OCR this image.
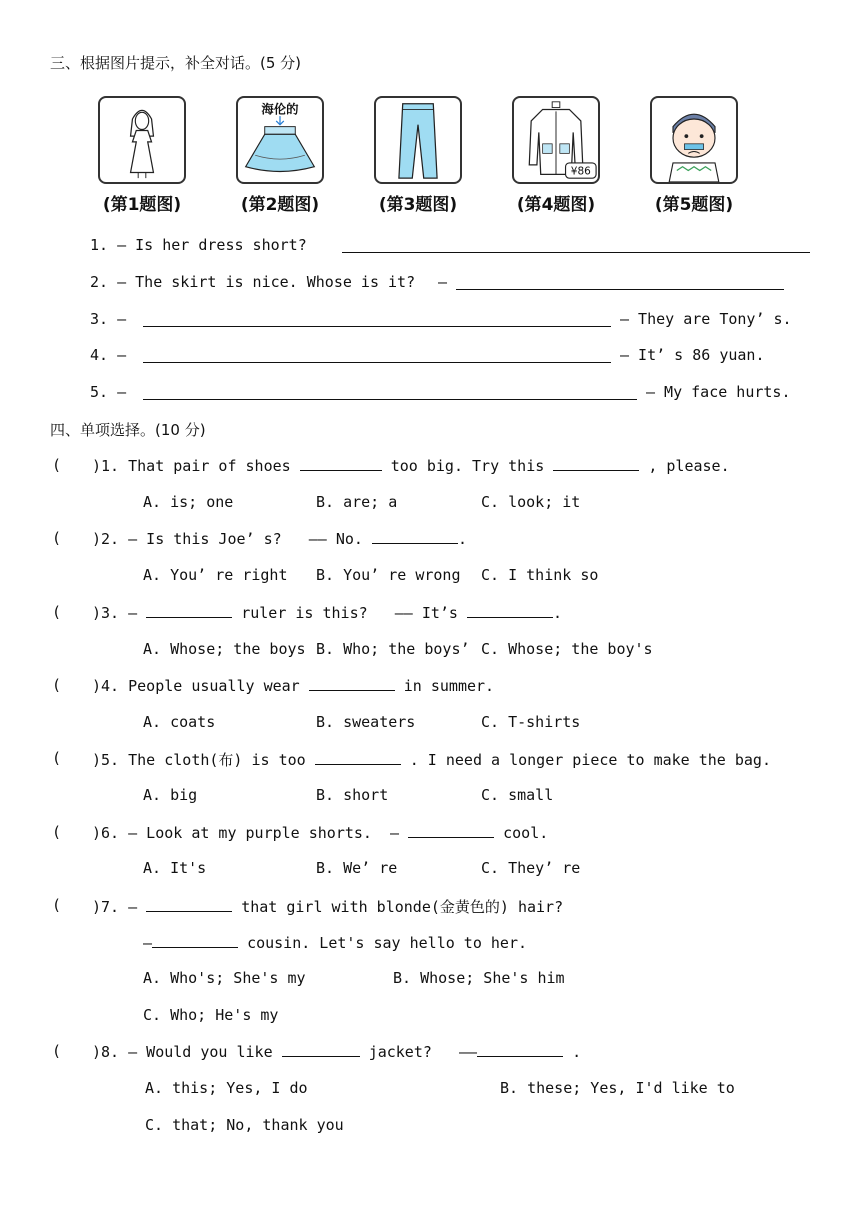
三、根据图片提示，补全对话。(5 分)
(第1题图)
海伦的
(第2题图)	(第3题图)
¥86
(第4题图)	(第5题图)
1. — Is her dress short?
2. — The skirt is nice. Whose is it? —
3. —	— They are Tony’ s.
4. —	— It’ s 86 yuan.
5. —	— My face hurts.
四、单项选择。(10 分)
( )1. That pair of shoes	too big. Try this	, please.
A. is; one	B. are; a	C. look; it
( )2. — Is this Joe’ s? —— No.	.
A. You’ re right B. You’ re wrong C. I think so
( )3. —	ruler is this? —— It’s	.
A. Whose; the boys B. Who; the boys’ C. Whose; the boy's
( )4. People usually wear	in summer.
A. coats	B. sweaters	C. T-shirts
( )5. The cloth(布) is too	. I need a longer piece to make the bag.
A. big	B. short	C. small
( )6. — Look at my purple shorts. —	cool.
A. It's	B. We’ re	C. They’ re
( )7. —	that girl with blonde(金黄色的) hair?
—	cousin. Let's say hello to her.
A. Who's; She's my	B. Whose; She's him
C. Who; He's my
( )8. — Would you like	jacket? ——	.
A. this; Yes, I do	B. these; Yes, I'd like to
C. that; No, thank you
